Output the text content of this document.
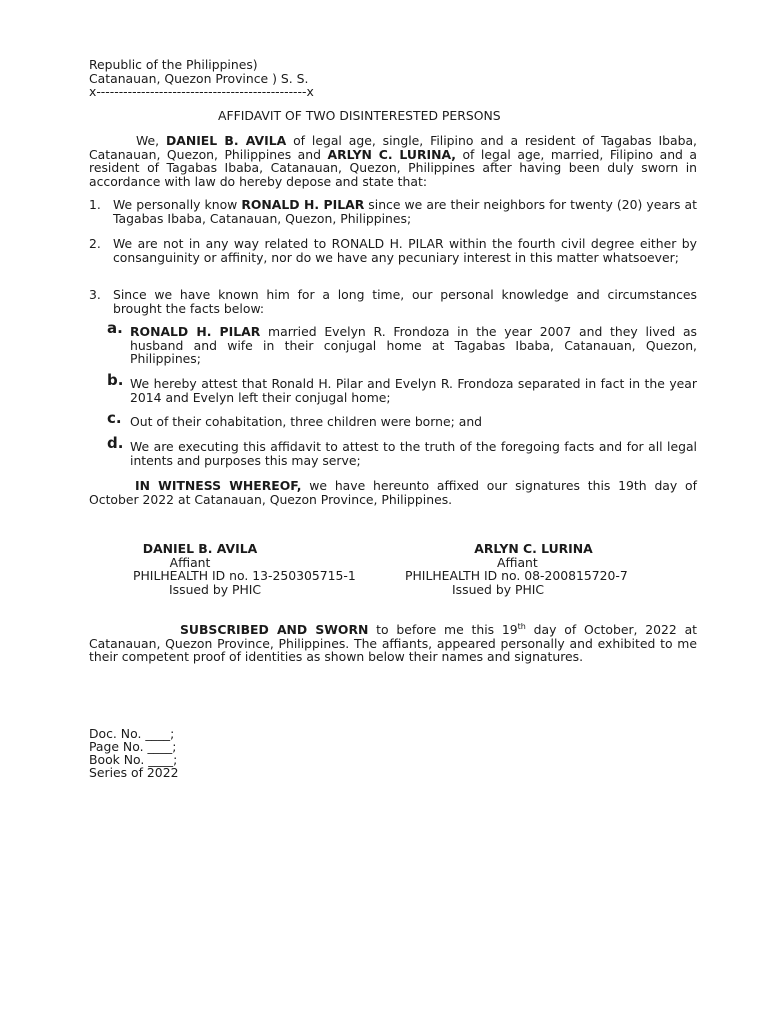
Republic of the Philippines)
Catanauan, Quezon Province ) S. S.
x-----------------------------------------------x
AFFIDAVIT OF TWO DISINTERESTED PERSONS
We, DANIEL B. AVILA of legal age, single, Filipino and a resident of Tagabas Ibaba, Catanauan, Quezon, Philippines and ARLYN C. LURINA, of legal age, married, Filipino and a resident of Tagabas Ibaba, Catanauan, Quezon, Philippines after having been duly sworn in accordance with law do hereby depose and state that:
1. We personally know RONALD H. PILAR since we are their neighbors for twenty (20) years at Tagabas Ibaba, Catanauan, Quezon, Philippines;
2. We are not in any way related to RONALD H. PILAR within the fourth civil degree either by consanguinity or affinity, nor do we have any pecuniary interest in this matter whatsoever;
3. Since we have known him for a long time, our personal knowledge and circumstances brought the facts below:
a. RONALD H. PILAR married Evelyn R. Frondoza in the year 2007 and they lived as husband and wife in their conjugal home at Tagabas Ibaba, Catanauan, Quezon, Philippines;
b. We hereby attest that Ronald H. Pilar and Evelyn R. Frondoza separated in fact in the year 2014 and Evelyn left their conjugal home;
c. Out of their cohabitation, three children were borne; and
d. We are executing this affidavit to attest to the truth of the foregoing facts and for all legal intents and purposes this may serve;
IN WITNESS WHEREOF, we have hereunto affixed our signatures this 19th day of October 2022 at Catanauan, Quezon Province, Philippines.
DANIEL B. AVILA
Affiant
PHILHEALTH ID no. 13-250305715-1
Issued by PHIC
ARLYN C. LURINA
Affiant
PHILHEALTH ID no. 08-200815720-7
Issued by PHIC
SUBSCRIBED AND SWORN to before me this 19th day of October, 2022 at Catanauan, Quezon Province, Philippines. The affiants, appeared personally and exhibited to me their competent proof of identities as shown below their names and signatures.
Doc. No. ____;
Page No. ____;
Book No. ____;
Series of 2022
